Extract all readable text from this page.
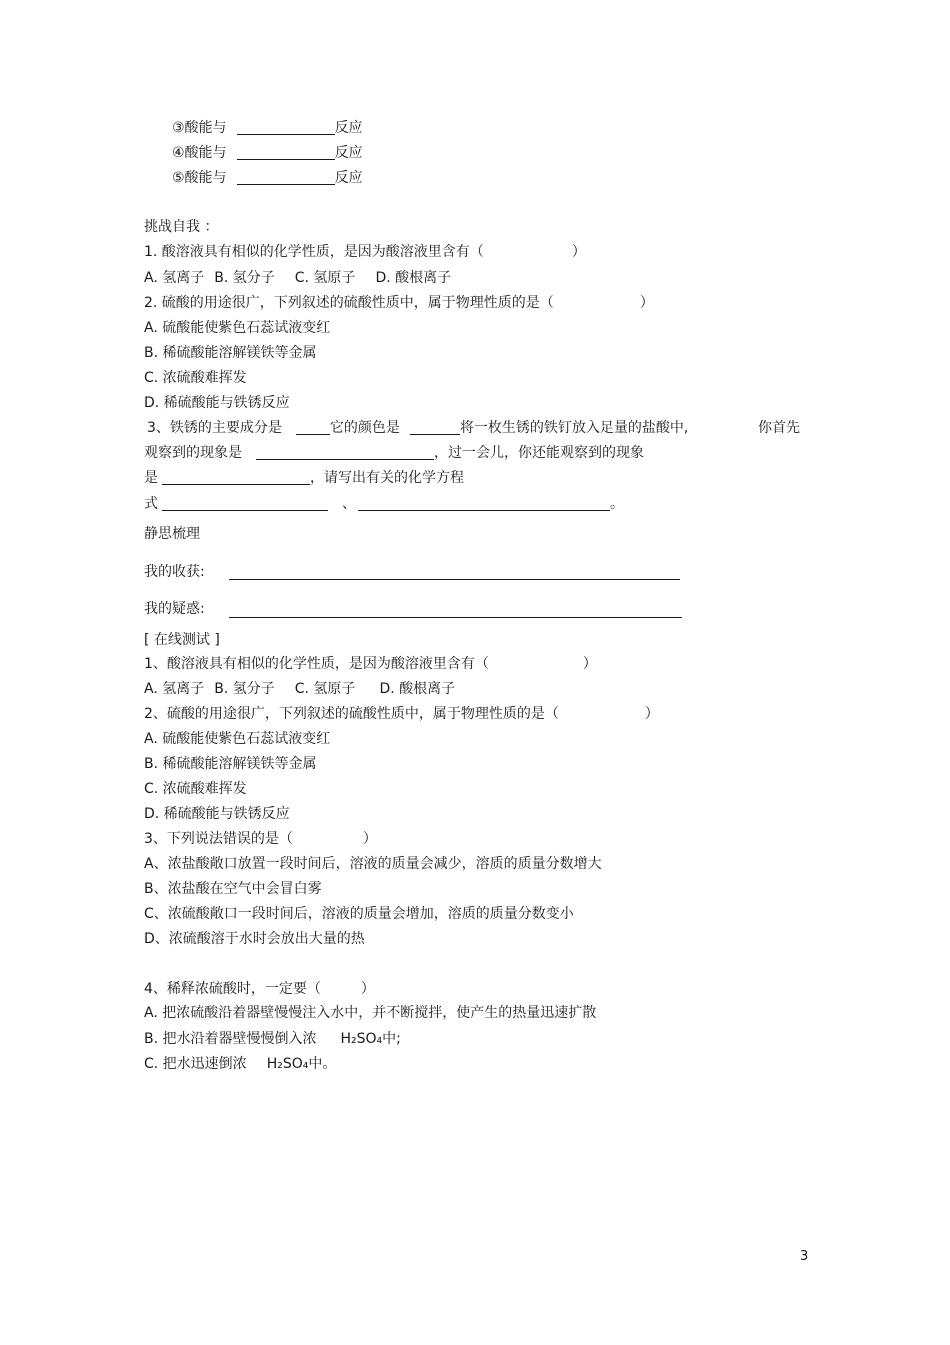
③酸能与	反应
④酸能与	反应
⑤酸能与	反应
挑战自我 ：
1. 酸溶液具有相似的化学性质，是因为酸溶液里含有（	）
A. 氢离子 B. 氢分子 C. 氢原子 D. 酸根离子
2. 硫酸的用途很广，下列叙述的硫酸性质中，属于物理性质的是（	）
A. 硫酸能使紫色石蕊试液变红
B. 稀硫酸能溶解镁铁等金属
C. 浓硫酸难挥发
D. 稀硫酸能与铁锈反应
3、铁锈的主要成分是	它的颜色是	将一枚生锈的铁钉放入足量的盐酸中,	你首先
观察到的现象是	，过一会儿，你还能观察到的现象
是	，请写出有关的化学方程
式	、	。
静思梳理
我的收获:
我的疑惑:
[ 在线测试 ]
1、酸溶液具有相似的化学性质，是因为酸溶液里含有（	）
A. 氢离子 B. 氢分子 C. 氢原子 D. 酸根离子
2、硫酸的用途很广，下列叙述的硫酸性质中，属于物理性质的是（	）
A. 硫酸能使紫色石蕊试液变红
B. 稀硫酸能溶解镁铁等金属
C. 浓硫酸难挥发
D. 稀硫酸能与铁锈反应
3、下列说法错误的是（	）
A、浓盐酸敞口放置一段时间后，溶液的质量会减少，溶质的质量分数增大
B、浓盐酸在空气中会冒白雾
C、浓硫酸敞口一段时间后，溶液的质量会增加，溶质的质量分数变小
D、浓硫酸溶于水时会放出大量的热
4、稀释浓硫酸时，一定要（	）
A. 把浓硫酸沿着器壁慢慢注入水中，并不断搅拌，使产生的热量迅速扩散
B. 把水沿着器壁慢慢倒入浓 H₂SO₄中;
C. 把水迅速倒浓 H₂SO₄中。
3
